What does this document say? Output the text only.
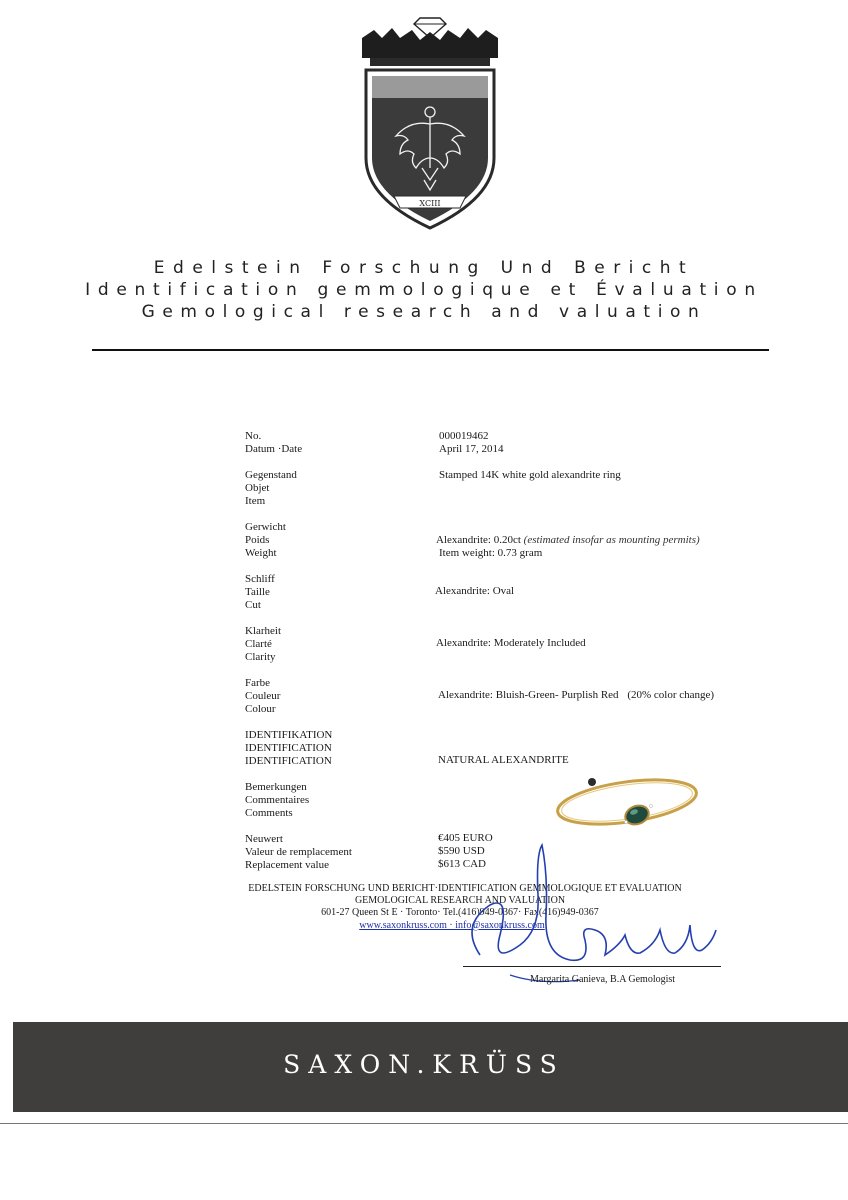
XCIII
Edelstein Forschung Und Bericht
Identification gemmologique et Évaluation
Gemological research and valuation
No.
Datum ·Date
000019462
April 17, 2014
Gegenstand
Objet
Item
Stamped 14K white gold alexandrite ring
Gerwicht
Poids
Weight
Alexandrite: 0.20ct (estimated insofar as mounting permits)
Item weight: 0.73 gram
Schliff
Taille
Cut
Alexandrite: Oval
Klarheit
Clarté
Clarity
Alexandrite: Moderately Included
Farbe
Couleur
Colour
Alexandrite: Bluish-Green- Purplish Red (20% color change)
IDENTIFIKATION
IDENTIFICATION
IDENTIFICATION	NATURAL ALEXANDRITE
Bemerkungen
Commentaires
Comments
Neuwert
Valeur de remplacement
Replacement value
€405 EURO
$590 USD
$613 CAD
EDELSTEIN FORSCHUNG UND BERICHT·IDENTIFICATION GEMMOLOGIQUE ET EVALUATION
GEMOLOGICAL RESEARCH AND VALUATION
601-27 Queen St E · Toronto· Tel.(416)949-0367· Fax(416)949-0367
www.saxonkruss.com · info@saxonkruss.com
Margarita Ganieva, B.A Gemologist
SAXON.KRÜSS
